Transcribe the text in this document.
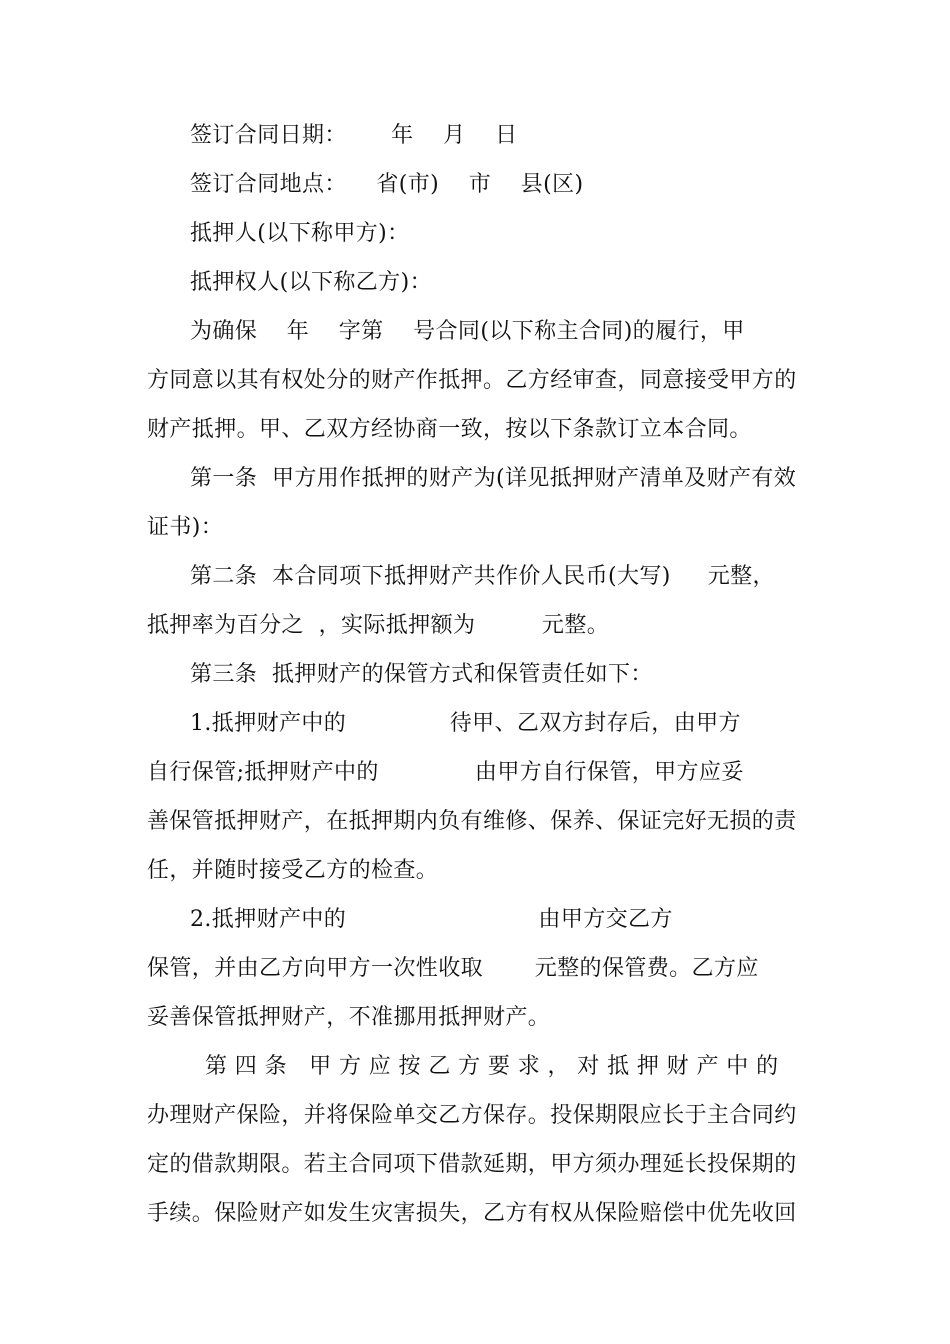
签订合同日期：      年    月    日
签订合同地点：    省(市)    市    县(区)
抵押人(以下称甲方)：
抵押权人(以下称乙方)：
为确保    年    字第    号合同(以下称主合同)的履行，甲
方同意以其有权处分的财产作抵押。乙方经审查，同意接受甲方的
财产抵押。甲、乙双方经协商一致，按以下条款订立本合同。
第一条  甲方用作抵押的财产为(详见抵押财产清单及财产有效
证书)：
第二条  本合同项下抵押财产共作价人民币(大写)     元整，
抵押率为百分之  ，实际抵押额为         元整。
第三条  抵押财产的保管方式和保管责任如下：
1.抵押财产中的              待甲、乙双方封存后，由甲方
自行保管;抵押财产中的             由甲方自行保管，甲方应妥
善保管抵押财产，在抵押期内负有维修、保养、保证完好无损的责
任，并随时接受乙方的检查。
2.抵押财产中的                          由甲方交乙方
保管，并由乙方向甲方一次性收取       元整的保管费。乙方应
妥善保管抵押财产，不准挪用抵押财产。
第 四 条   甲 方 应 按 乙 方 要 求 ， 对 抵 押 财 产 中 的
办理财产保险，并将保险单交乙方保存。投保期限应长于主合同约
定的借款期限。若主合同项下借款延期，甲方须办理延长投保期的
手续。保险财产如发生灾害损失，乙方有权从保险赔偿中优先收回
